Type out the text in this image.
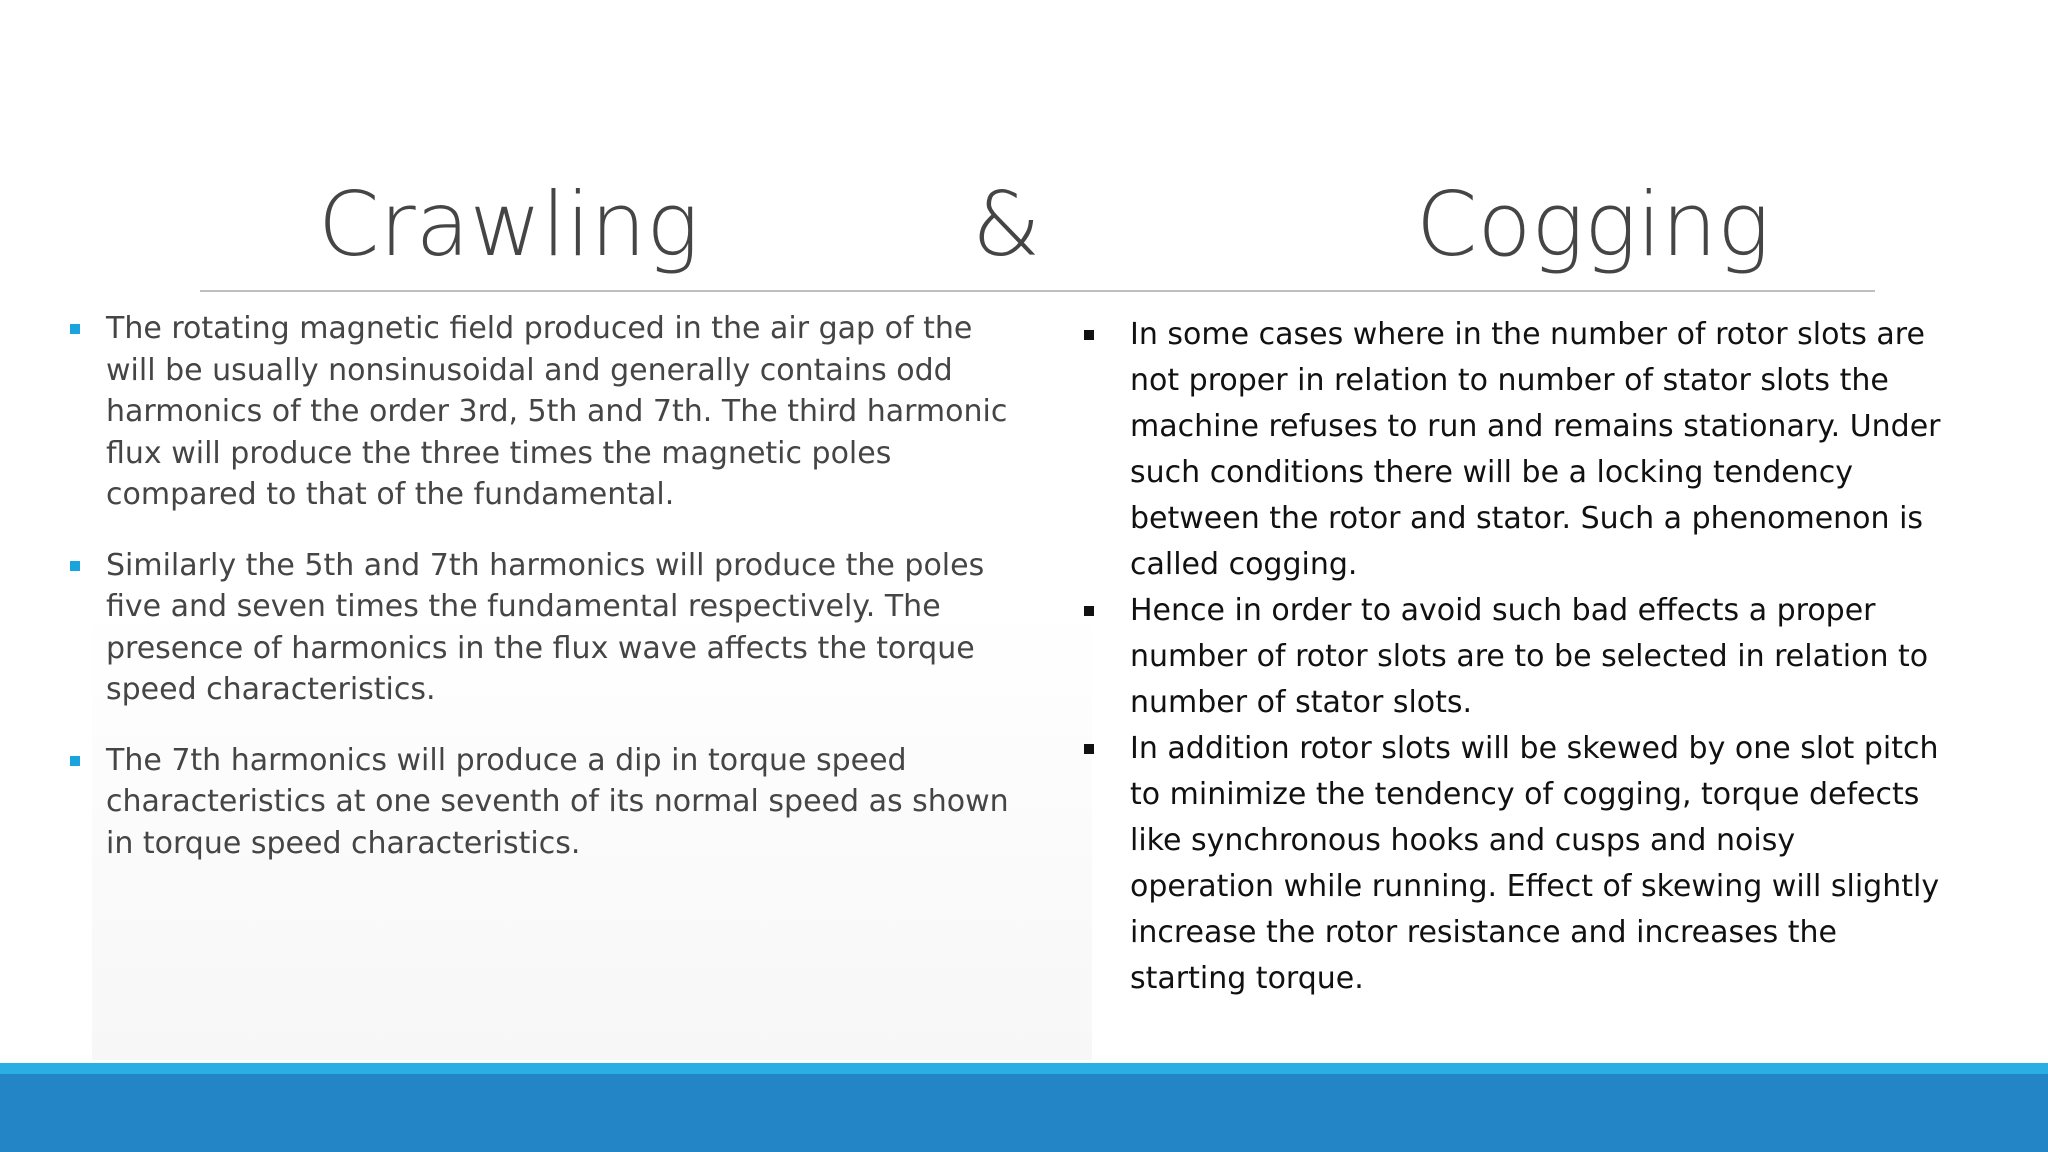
Crawling	&	Cogging
The rotating magnetic field produced in the air gap of the will be usually nonsinusoidal and generally contains odd harmonics of the order 3rd, 5th and 7th. The third harmonic flux will produce the three times the magnetic poles compared to that of the fundamental.
Similarly the 5th and 7th harmonics will produce the poles five and seven times the fundamental respectively. The presence of harmonics in the flux wave affects the torque speed characteristics.
The 7th harmonics will produce a dip in torque speed characteristics at one seventh of its normal speed as shown in torque speed characteristics.
In some cases where in the number of rotor slots are not proper in relation to number of stator slots the machine refuses to run and remains stationary. Under such conditions there will be a locking tendency between the rotor and stator. Such a phenomenon is called cogging.
Hence in order to avoid such bad effects a proper number of rotor slots are to be selected in relation to number of stator slots.
In addition rotor slots will be skewed by one slot pitch to minimize the tendency of cogging, torque defects like synchronous hooks and cusps and noisy operation while running. Effect of skewing will slightly increase the rotor resistance and increases the starting torque.
